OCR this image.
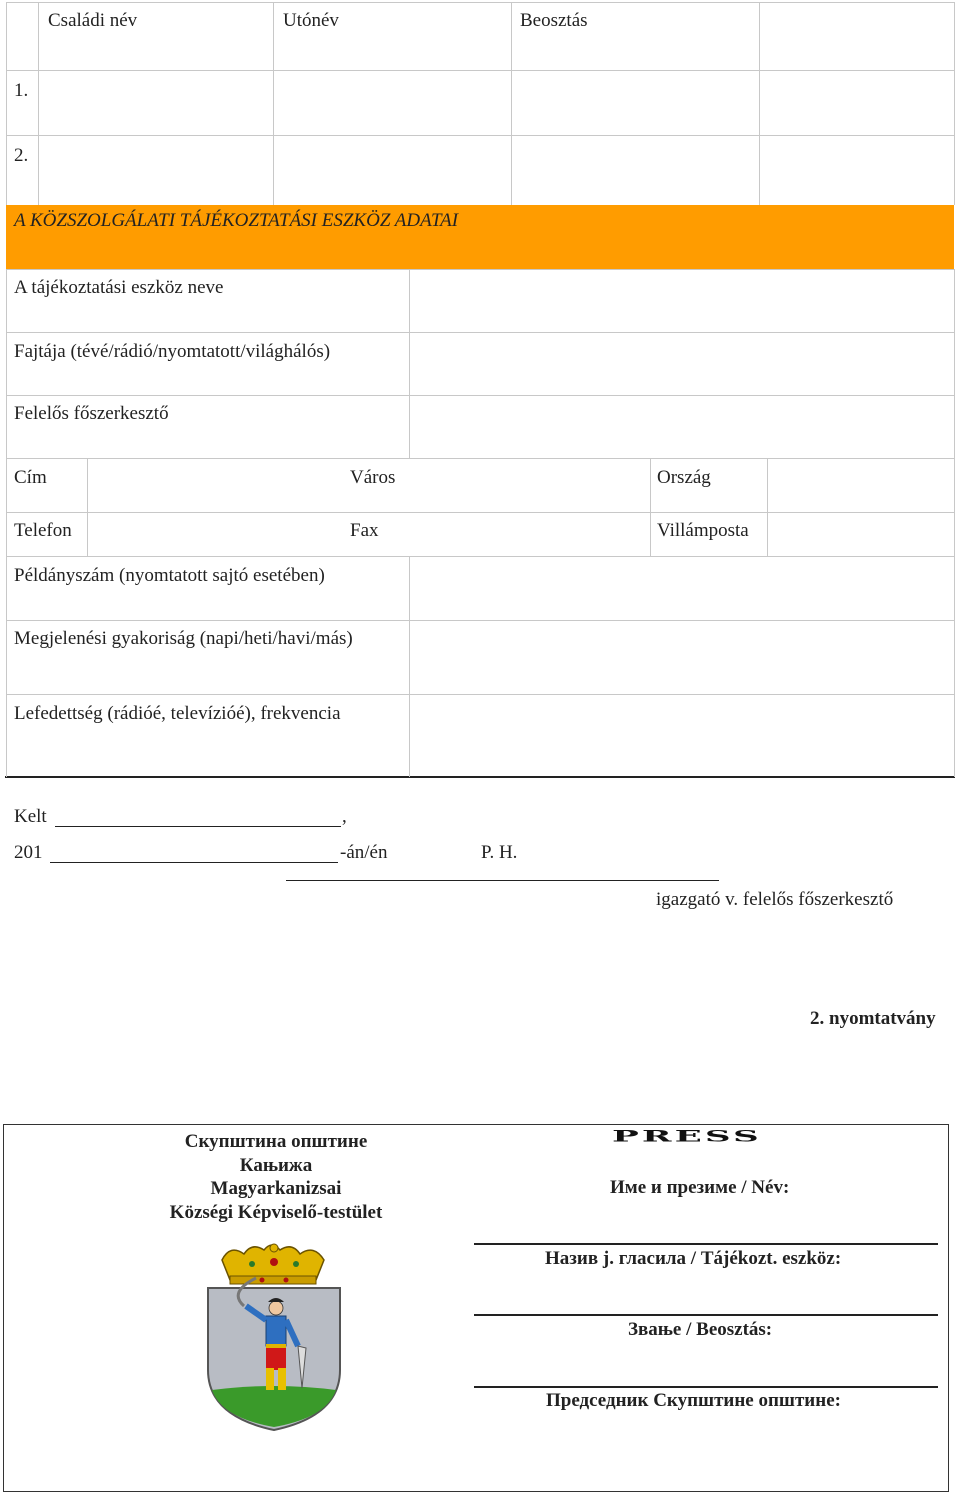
Családi név	Utónév	Beosztás
1.
2.
A KÖZSZOLGÁLATI TÁJÉKOZTATÁSI ESZKÖZ ADATAI
A tájékoztatási eszköz neve
Fajtája (tévé/rádió/nyomtatott/világhálós)
Felelős főszerkesztő
Cím	Város	Ország
Telefon	Fax	Villámposta
Példányszám (nyomtatott sajtó esetében)
Megjelenési gyakoriság (napi/heti/havi/más)
Lefedettség (rádióé, televízióé), frekvencia
Kelt	,
201	-án/én	P. H.
igazgató v. felelős főszerkesztő
2. nyomtatvány
Скупштина општине
Кањижа
Magyarkanizsai
Községi Képviselő-testület
PRESS
Име и презиме / Név:
Назив ј. гласила / Tájékozt. eszköz:
Звање / Beosztás:
Председник Скупштине општине:
